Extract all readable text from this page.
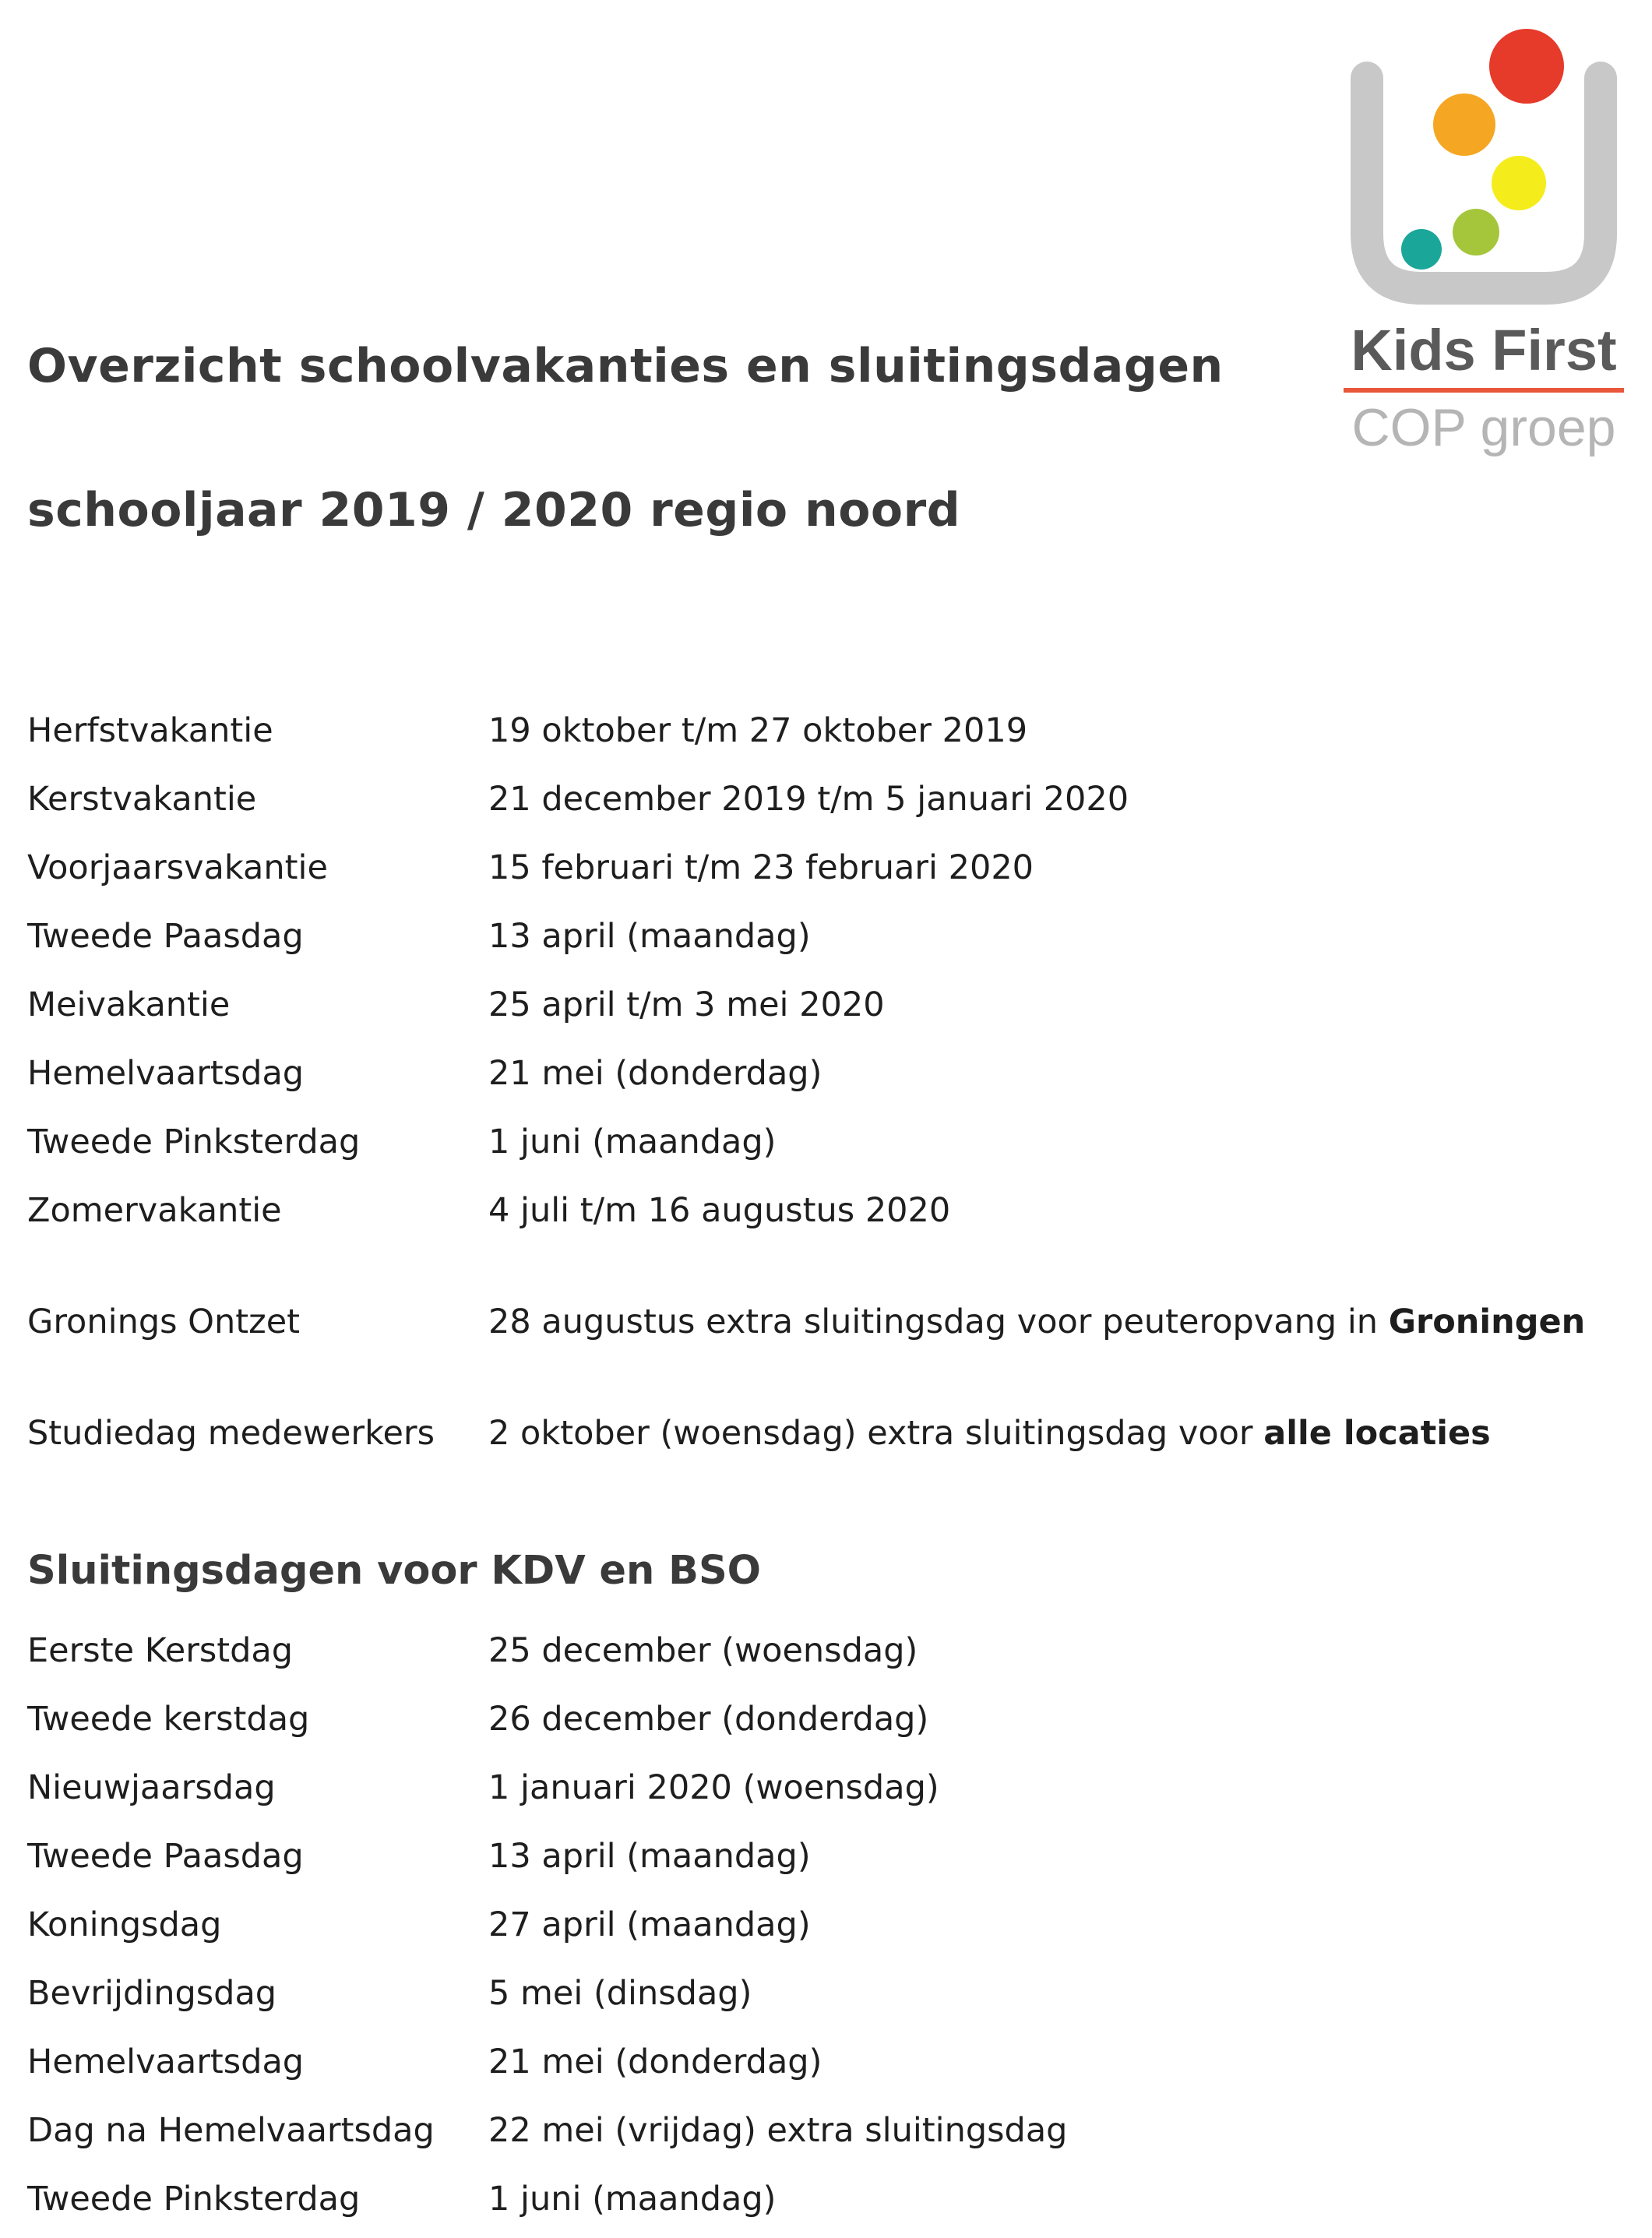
Overzicht schoolvakanties en sluitingsdagen
schooljaar 2019 / 2020 regio noord
Kids First
COP groep
Herfstvakantie	19 oktober t/m 27 oktober 2019
Kerstvakantie	21 december 2019 t/m 5 januari 2020
Voorjaarsvakantie	15 februari t/m 23 februari 2020
Tweede Paasdag	13 april (maandag)
Meivakantie	25 april t/m 3 mei 2020
Hemelvaartsdag	21 mei (donderdag)
Tweede Pinksterdag	1 juni (maandag)
Zomervakantie	4 juli t/m 16 augustus 2020
Gronings Ontzet	28 augustus extra sluitingsdag voor peuteropvang in Groningen
Studiedag medewerkers 2 oktober (woensdag) extra sluitingsdag voor alle locaties
Sluitingsdagen voor KDV en BSO
Eerste Kerstdag	25 december (woensdag)
Tweede kerstdag	26 december (donderdag)
Nieuwjaarsdag	1 januari 2020 (woensdag)
Tweede Paasdag	13 april (maandag)
Koningsdag	27 april (maandag)
Bevrijdingsdag	5 mei (dinsdag)
Hemelvaartsdag	21 mei (donderdag)
Dag na Hemelvaartsdag 22 mei (vrijdag) extra sluitingsdag
Tweede Pinksterdag	1 juni (maandag)
